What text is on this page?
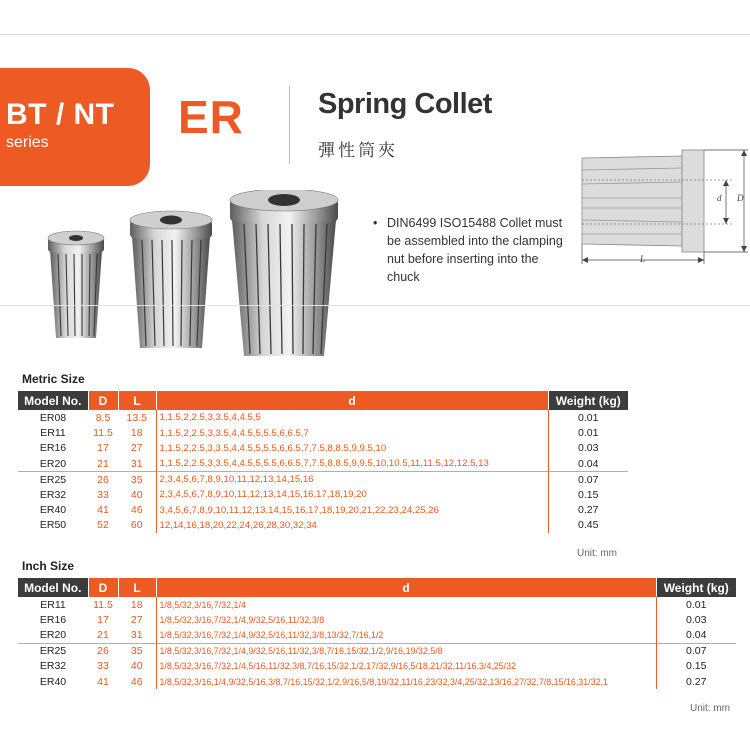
BT / NT
series	ER	Spring Collet
彈性筒夾
d D
L
• DIN6499 ISO15488 Collet must be assembled into the clamping nut before inserting into the chuck
Metric Size
Model No.	D	L	d	Weight (kg)
ER08	8.5	13.5	1,1.5,2,2.5,3,3.5,4,4.5,5	0.01
ER11	11.5	18	1,1.5,2,2.5,3,3.5,4,4.5,5,5.5,6,6.5,7	0.01
ER16	17	27	1,1.5,2,2.5,3,3.5,4,4.5,5,5.5,6,6.5,7,7.5,8,8.5,9,9.5,10	0.03
ER20	21	31	1,1.5,2,2.5,3,3.5,4,4.5,5,5.5,6,6.5,7,7.5,8,8.5,9,9.5,10,10.5,11,11.5,12,12.5,13	0.04
ER25	26	35	2,3,4,5,6,7,8,9,10,11,12,13,14,15,16	0.07
ER32	33	40	2,3,4,5,6,7,8,9,10,11,12,13,14,15,16,17,18,19,20	0.15
ER40	41	46	3,4,5,6,7,8,9,10,11,12,13,14,15,16,17,18,19,20,21,22,23,24,25,26	0.27
ER50	52	60	12,14,16,18,20,22,24,26,28,30,32,34	0.45
Unit: mm
Inch Size
Model No.	D	L	d	Weight (kg)
ER11	11.5	18	1/8,5/32,3/16,7/32,1/4	0.01
ER16	17	27	1/8,5/32,3/16,7/32,1/4,9/32,5/16,11/32,3/8	0.03
ER20	21	31	1/8,5/32,3/16,7/32,1/4,9/32,5/16,11/32,3/8,13/32,7/16,1/2	0.04
ER25	26	35	1/8,5/32,3/16,7/32,1/4,9/32,5/16,11/32,3/8,7/16,15/32,1/2,9/16,19/32,5/8	0.07
ER32	33	40	1/8,5/32,3/16,7/32,1/4,5/16,11/32,3/8,7/16,15/32,1/2,17/32,9/16,5/18,21/32,11/16,3/4,25/32	0.15
ER40	41	46	1/8,5/32,3/16,1/4,9/32,5/16,3/8,7/16,15/32,1/2,9/16,5/8,19/32,11/16,23/32,3/4,25/32,13/16,27/32,7/8,15/16,31/32,1	0.27
Unit: mm
